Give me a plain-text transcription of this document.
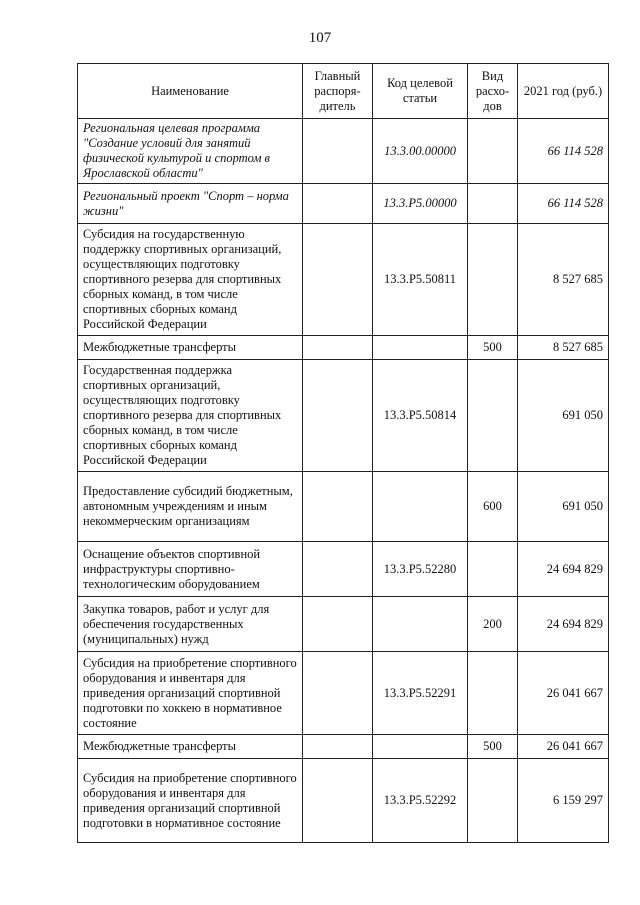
107
Наименование	Главный распоря-дитель	Код целевой статьи	Вид расхо-дов	2021 год (руб.)
Региональная целевая программа "Создание условий для занятий физической культурой и спортом в Ярославской области"		13.3.00.00000		66 114 528
Региональный проект "Спорт – норма жизни"		13.3.P5.00000		66 114 528
Субсидия на государственную поддержку спортивных организаций, осуществляющих подготовку спортивного резерва для спортивных сборных команд, в том числе спортивных сборных команд Российской Федерации		13.3.P5.50811		8 527 685
Межбюджетные трансферты			500	8 527 685
Государственная поддержка спортивных организаций, осуществляющих подготовку спортивного резерва для спортивных сборных команд, в том числе спортивных сборных команд Российской Федерации		13.3.P5.50814		691 050
Предоставление субсидий бюджетным, автономным учреждениям и иным некоммерческим организациям			600	691 050
Оснащение объектов спортивной инфраструктуры спортивно-технологическим оборудованием		13.3.P5.52280		24 694 829
Закупка товаров, работ и услуг для обеспечения государственных (муниципальных) нужд			200	24 694 829
Субсидия на приобретение спортивного оборудования и инвентаря для приведения организаций спортивной подготовки по хоккею в нормативное состояние		13.3.P5.52291		26 041 667
Межбюджетные трансферты			500	26 041 667
Субсидия на приобретение спортивного оборудования и инвентаря для приведения организаций спортивной подготовки в нормативное состояние		13.3.P5.52292		6 159 297
